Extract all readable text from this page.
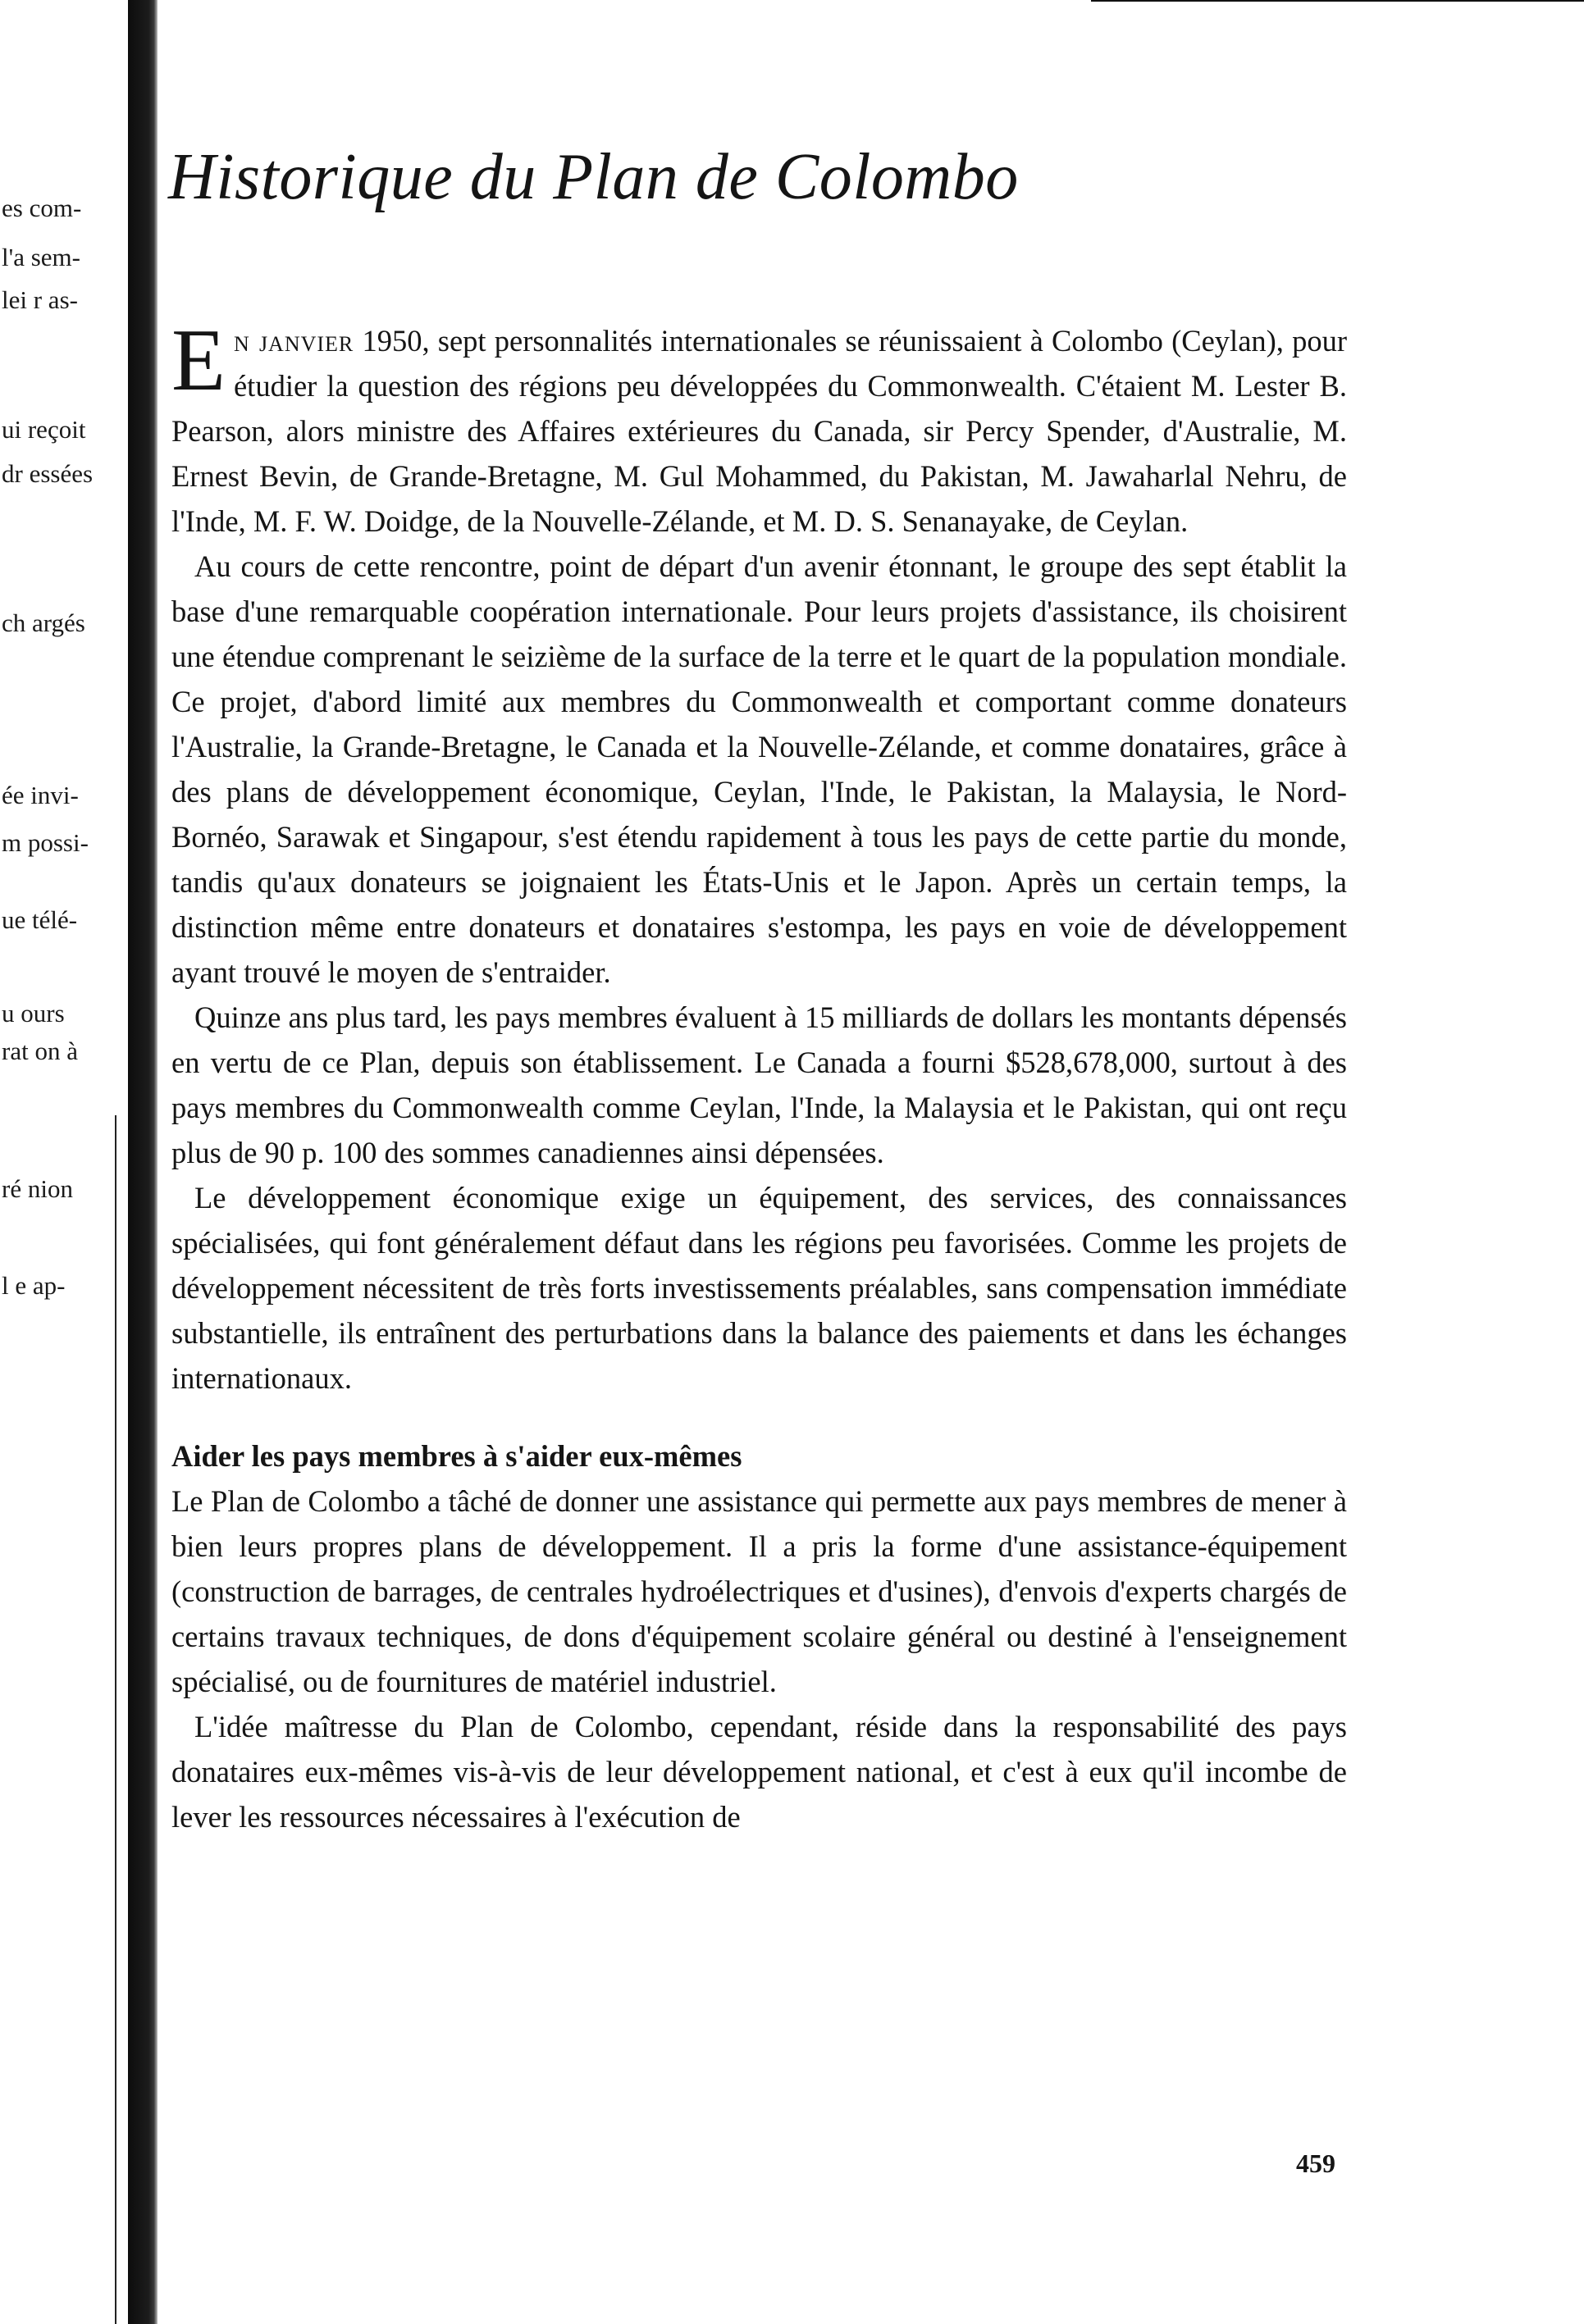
es com-
l'a sem-
lei r as-
ui reçoit
dr essées
ch argés
ée invi-
m possi-
ue télé-
u ours
rat on à
ré nion
l e ap-
Historique du Plan de Colombo

En janvier 1950, sept personnalités internationales se réunissaient à Colombo (Ceylan), pour étudier la question des régions peu développées du Commonwealth. C'étaient M. Lester B. Pearson, alors ministre des Affaires extérieures du Canada, sir Percy Spender, d'Australie, M. Ernest Bevin, de Grande-Bretagne, M. Gul Mohammed, du Pakistan, M. Jawaharlal Nehru, de l'Inde, M. F. W. Doidge, de la Nouvelle-Zélande, et M. D. S. Senanayake, de Ceylan.

Au cours de cette rencontre, point de départ d'un avenir étonnant, le groupe des sept établit la base d'une remarquable coopération internationale. Pour leurs projets d'assistance, ils choisirent une étendue comprenant le seizième de la surface de la terre et le quart de la population mondiale. Ce projet, d'abord limité aux membres du Commonwealth et comportant comme donateurs l'Australie, la Grande-Bretagne, le Canada et la Nouvelle-Zélande, et comme donataires, grâce à des plans de développement économique, Ceylan, l'Inde, le Pakistan, la Malaysia, le Nord-Bornéo, Sarawak et Singapour, s'est étendu rapidement à tous les pays de cette partie du monde, tandis qu'aux donateurs se joignaient les États-Unis et le Japon. Après un certain temps, la distinction même entre donateurs et donataires s'estompa, les pays en voie de développement ayant trouvé le moyen de s'entraider.

Quinze ans plus tard, les pays membres évaluent à 15 milliards de dollars les montants dépensés en vertu de ce Plan, depuis son établissement. Le Canada a fourni $528,678,000, surtout à des pays membres du Commonwealth comme Ceylan, l'Inde, la Malaysia et le Pakistan, qui ont reçu plus de 90 p. 100 des sommes canadiennes ainsi dépensées.

Le développement économique exige un équipement, des services, des connaissances spécialisées, qui font généralement défaut dans les régions peu favorisées. Comme les projets de développement nécessitent de très forts investissements préalables, sans compensation immédiate substantielle, ils entraînent des perturbations dans la balance des paiements et dans les échanges internationaux.

Aider les pays membres à s'aider eux-mêmes

Le Plan de Colombo a tâché de donner une assistance qui permette aux pays membres de mener à bien leurs propres plans de développement. Il a pris la forme d'une assistance-équipement (construction de barrages, de centrales hydroélectriques et d'usines), d'envois d'experts chargés de certains travaux techniques, de dons d'équipement scolaire général ou destiné à l'enseignement spécialisé, ou de fournitures de matériel industriel.

L'idée maîtresse du Plan de Colombo, cependant, réside dans la responsabilité des pays donataires eux-mêmes vis-à-vis de leur développement national, et c'est à eux qu'il incombe de lever les ressources nécessaires à l'exécution de

459
